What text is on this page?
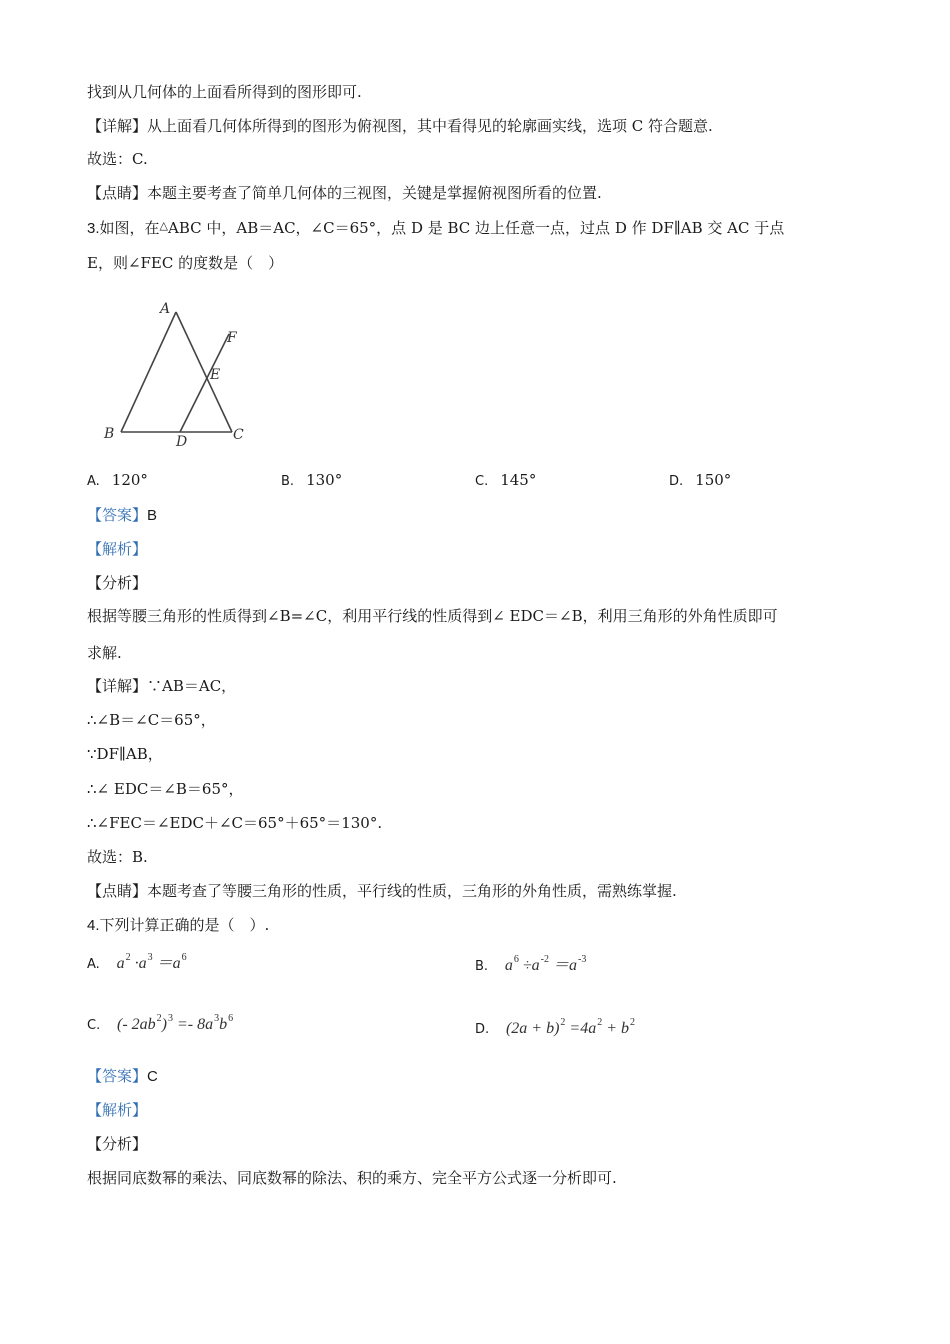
找到从几何体的上面看所得到的图形即可.
【详解】从上面看几何体所得到的图形为俯视图，其中看得见的轮廓画实线，选项 C 符合题意.
故选：C.
【点睛】本题主要考查了简单几何体的三视图，关键是掌握俯视图所看的位置.
3.如图，在△ABC 中，AB＝AC，∠C＝65°，点 D 是 BC 边上任意一点，过点 D 作 DF∥AB 交 AC 于点
E，则∠FEC 的度数是（　）
A
B	C
D
E
F
A. 120°	B. 130°	C. 145°	D. 150°
【答案】B
【解析】
【分析】
根据等腰三角形的性质得到∠B=∠C，利用平行线的性质得到∠ EDC＝∠B，利用三角形的外角性质即可
求解.
【详解】∵AB＝AC，
∴∠B＝∠C＝65°，
∵DF∥AB，
∴∠ EDC＝∠B＝65°，
∴∠FEC＝∠EDC＋∠C＝65°＋65°＝130°.
故选：B.
【点睛】本题考查了等腰三角形的性质，平行线的性质，三角形的外角性质，需熟练掌握.
4.下列计算正确的是（　）.
A. $a^2 \cdot a^3 =a^6$
B. $a^6 \div a^{-2} =a^{-3}$
C. (- $2ab^2)^3 =- 8a^3b^6$
D. $(2a + b)^2 =4a^2 + b^2$
【答案】C
【解析】
【分析】
根据同底数幂的乘法、同底数幂的除法、积的乘方、完全平方公式逐一分析即可.
